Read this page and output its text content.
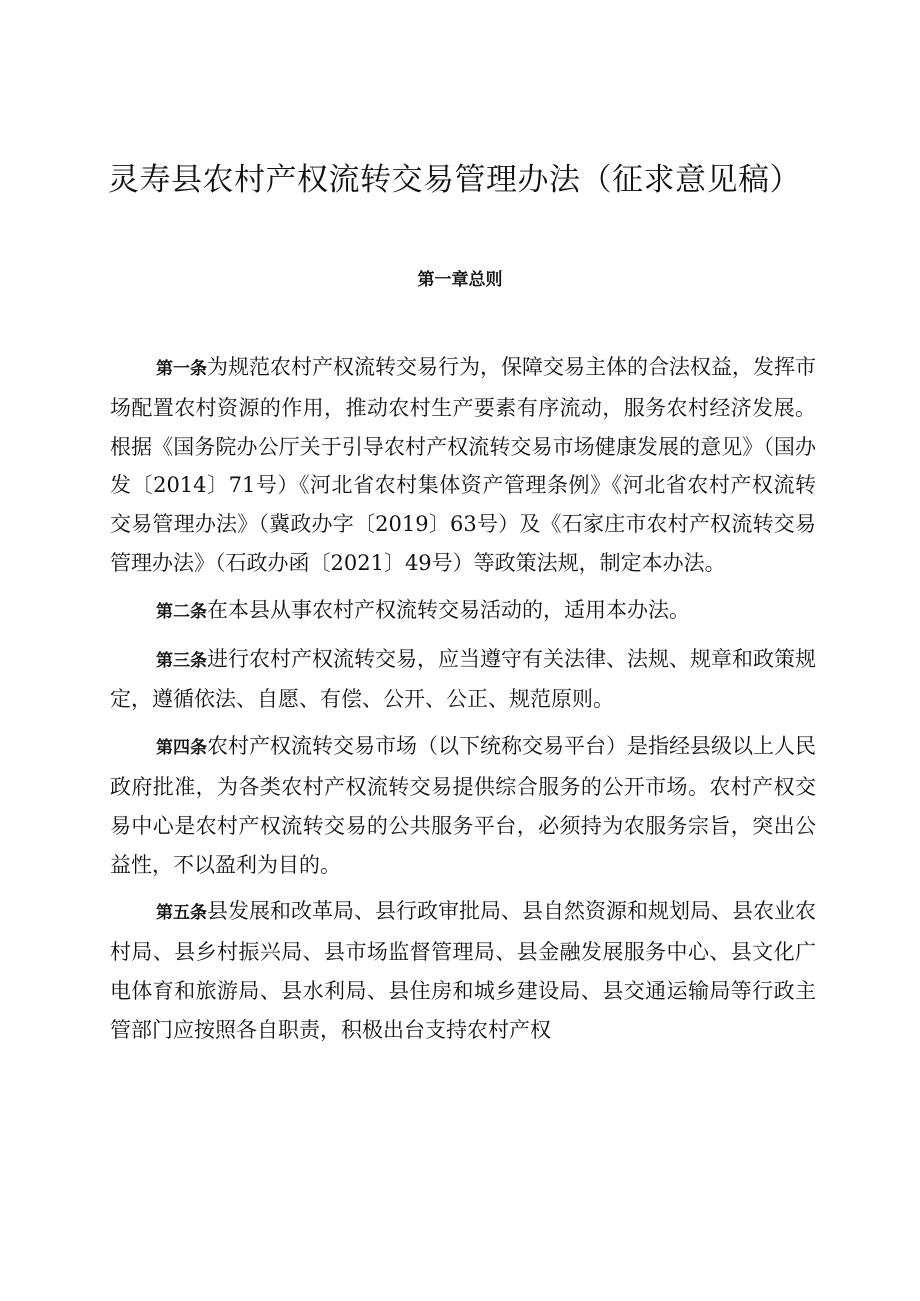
灵寿县农村产权流转交易管理办法（征求意见稿）
第一章总则

第一条为规范农村产权流转交易行为，保障交易主体的合法权益，发挥市场配置农村资源的作用，推动农村生产要素有序流动，服务农村经济发展。根据《国务院办公厅关于引导农村产权流转交易市场健康发展的意见》（国办发〔2014〕71号）《河北省农村集体资产管理条例》《河北省农村产权流转交易管理办法》（冀政办字〔2019〕63号）及《石家庄市农村产权流转交易管理办法》（石政办函〔2021〕49号）等政策法规，制定本办法。

第二条在本县从事农村产权流转交易活动的，适用本办法。

第三条进行农村产权流转交易，应当遵守有关法律、法规、规章和政策规定，遵循依法、自愿、有偿、公开、公正、规范原则。

第四条农村产权流转交易市场（以下统称交易平台）是指经县级以上人民政府批准，为各类农村产权流转交易提供综合服务的公开市场。农村产权交易中心是农村产权流转交易的公共服务平台，必须持为农服务宗旨，突出公益性，不以盈利为目的。

第五条县发展和改革局、县行政审批局、县自然资源和规划局、县农业农村局、县乡村振兴局、县市场监督管理局、县金融发展服务中心、县文化广电体育和旅游局、县水利局、县住房和城乡建设局、县交通运输局等行政主管部门应按照各自职责，积极出台支持农村产权
